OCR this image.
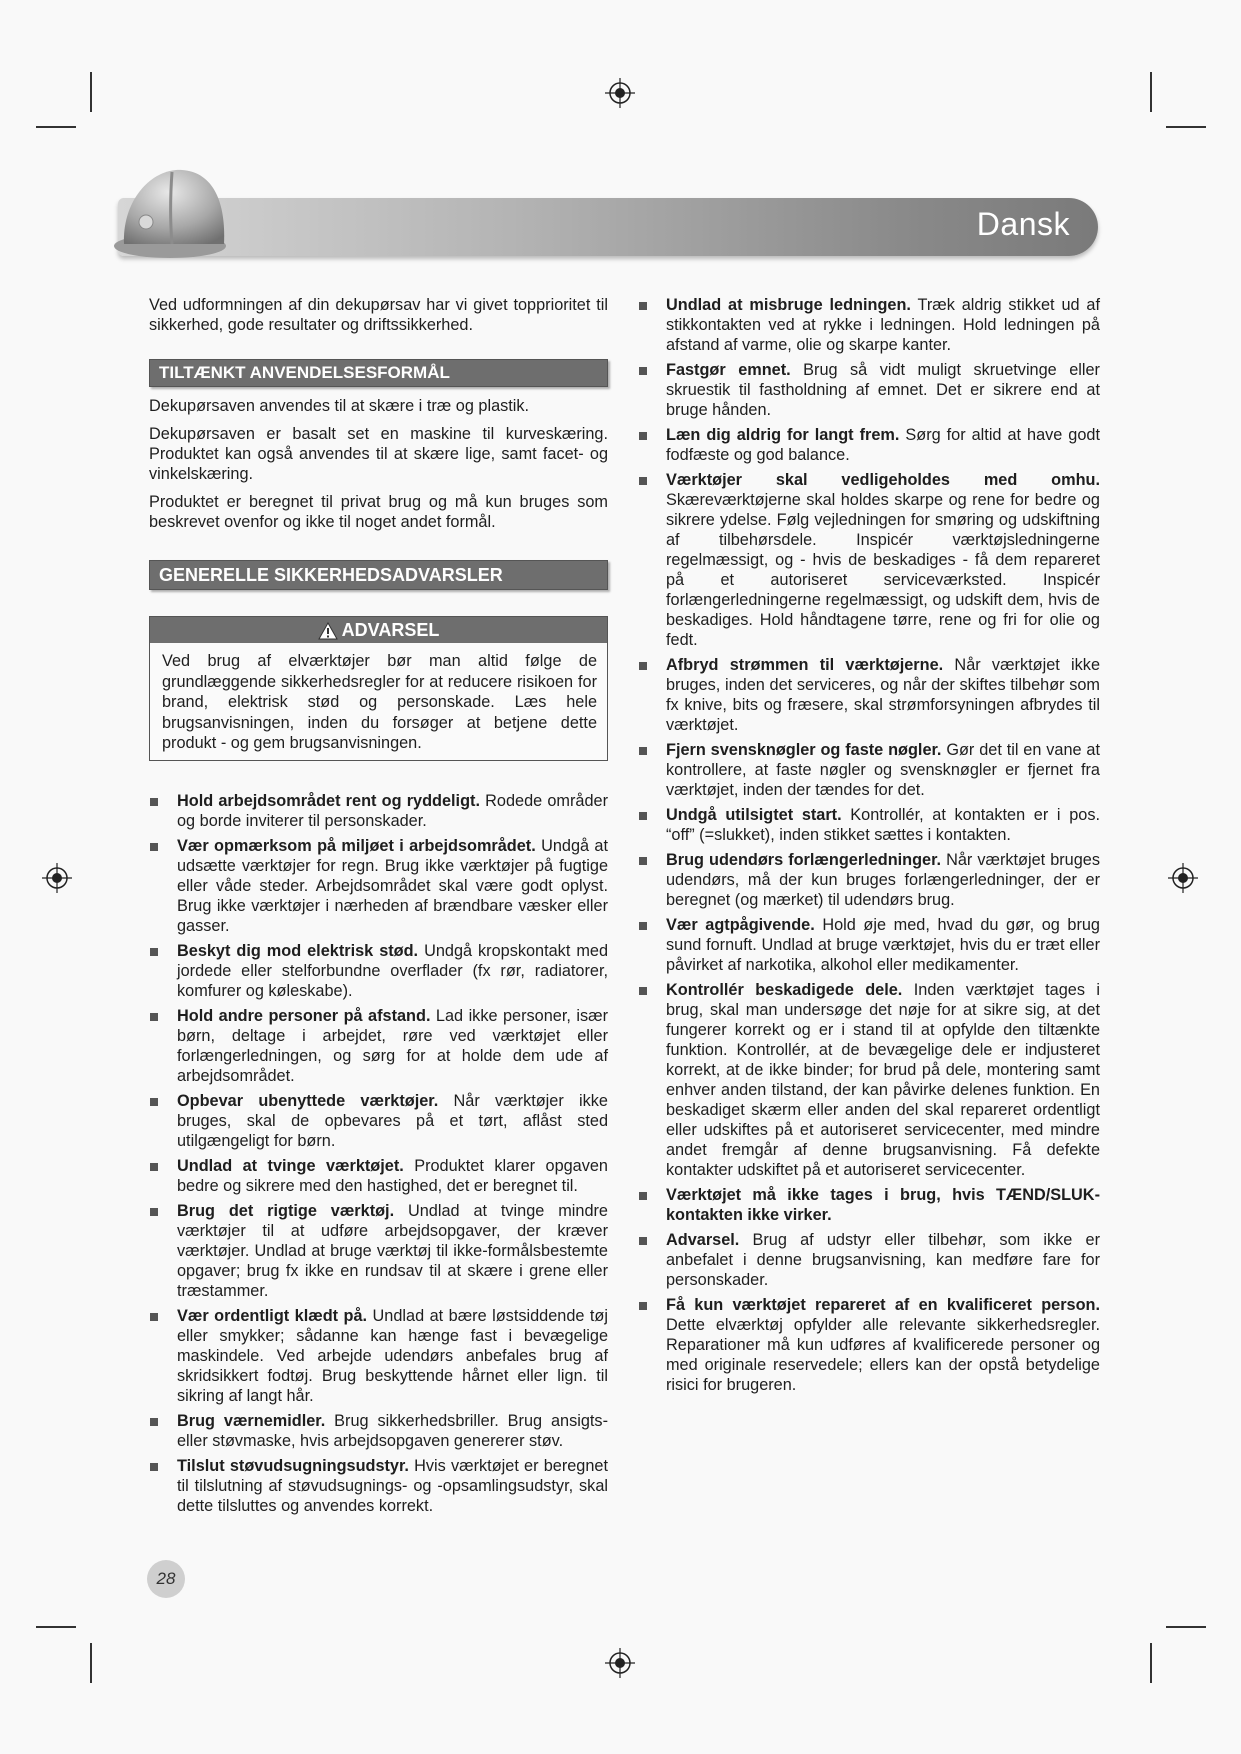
Dansk

Ved udformningen af din dekupørsav har vi givet topprioritet til sikkerhed, gode resultater og driftssikkerhed.

TILTÆNKT ANVENDELSESFORMÅL

Dekupørsaven anvendes til at skære i træ og plastik.

Dekupørsaven er basalt set en maskine til kurveskæring. Produktet kan også anvendes til at skære lige, samt facet- og vinkelskæring.

Produktet er beregnet til privat brug og må kun bruges som beskrevet ovenfor og ikke til noget andet formål.

GENERELLE SIKKERHEDSADVARSLER
ADVARSEL
Ved brug af elværktøjer bør man altid følge de grundlæggende sikkerhedsregler for at reducere risikoen for brand, elektrisk stød og personskade. Læs hele brugsanvisningen, inden du forsøger at betjene dette produkt - og gem brugsanvisningen.
Hold arbejdsområdet rent og ryddeligt. Rodede områder og borde inviterer til personskader.
Vær opmærksom på miljøet i arbejdsområdet. Undgå at udsætte værktøjer for regn. Brug ikke værktøjer på fugtige eller våde steder. Arbejdsområdet skal være godt oplyst. Brug ikke værktøjer i nærheden af brændbare væsker eller gasser.
Beskyt dig mod elektrisk stød. Undgå kropskontakt med jordede eller stelforbundne overflader (fx rør, radiatorer, komfurer og køleskabe).
Hold andre personer på afstand. Lad ikke personer, især børn, deltage i arbejdet, røre ved værktøjet eller forlængerledningen, og sørg for at holde dem ude af arbejdsområdet.
Opbevar ubenyttede værktøjer. Når værktøjer ikke bruges, skal de opbevares på et tørt, aflåst sted utilgængeligt for børn.
Undlad at tvinge værktøjet. Produktet klarer opgaven bedre og sikrere med den hastighed, det er beregnet til.
Brug det rigtige værktøj. Undlad at tvinge mindre værktøjer til at udføre arbejdsopgaver, der kræver værktøjer. Undlad at bruge værktøj til ikke-formålsbestemte opgaver; brug fx ikke en rundsav til at skære i grene eller træstammer.
Vær ordentligt klædt på. Undlad at bære løstsiddende tøj eller smykker; sådanne kan hænge fast i bevægelige maskindele. Ved arbejde udendørs anbefales brug af skridsikkert fodtøj. Brug beskyttende hårnet eller lign. til sikring af langt hår.
Brug værnemidler. Brug sikkerhedsbriller. Brug ansigts- eller støvmaske, hvis arbejdsopgaven genererer støv.
Tilslut støvudsugningsudstyr. Hvis værktøjet er beregnet til tilslutning af støvudsugnings- og -opsamlingsudstyr, skal dette tilsluttes og anvendes korrekt.
Undlad at misbruge ledningen. Træk aldrig stikket ud af stikkontakten ved at rykke i ledningen. Hold ledningen på afstand af varme, olie og skarpe kanter.
Fastgør emnet. Brug så vidt muligt skruetvinge eller skruestik til fastholdning af emnet. Det er sikrere end at bruge hånden.
Læn dig aldrig for langt frem. Sørg for altid at have godt fodfæste og god balance.
Værktøjer skal vedligeholdes med omhu. Skæreværktøjerne skal holdes skarpe og rene for bedre og sikrere ydelse. Følg vejledningen for smøring og udskiftning af tilbehørsdele. Inspicér værktøjsledningerne regelmæssigt, og - hvis de beskadiges - få dem repareret på et autoriseret serviceværksted. Inspicér forlængerledningerne regelmæssigt, og udskift dem, hvis de beskadiges. Hold håndtagene tørre, rene og fri for olie og fedt.
Afbryd strømmen til værktøjerne. Når værktøjet ikke bruges, inden det serviceres, og når der skiftes tilbehør som fx knive, bits og fræsere, skal strømforsyningen afbrydes til værktøjet.
Fjern svensknøgler og faste nøgler. Gør det til en vane at kontrollere, at faste nøgler og svensknøgler er fjernet fra værktøjet, inden der tændes for det.
Undgå utilsigtet start. Kontrollér, at kontakten er i pos. “off” (=slukket), inden stikket sættes i kontakten.
Brug udendørs forlængerledninger. Når værktøjet bruges udendørs, må der kun bruges forlængerledninger, der er beregnet (og mærket) til udendørs brug.
Vær agtpågivende. Hold øje med, hvad du gør, og brug sund fornuft. Undlad at bruge værktøjet, hvis du er træt eller påvirket af narkotika, alkohol eller medikamenter.
Kontrollér beskadigede dele. Inden værktøjet tages i brug, skal man undersøge det nøje for at sikre sig, at det fungerer korrekt og er i stand til at opfylde den tiltænkte funktion. Kontrollér, at de bevægelige dele er indjusteret korrekt, at de ikke binder; for brud på dele, montering samt enhver anden tilstand, der kan påvirke delenes funktion. En beskadiget skærm eller anden del skal repareret ordentligt eller udskiftes på et autoriseret servicecenter, med mindre andet fremgår af denne brugsanvisning. Få defekte kontakter udskiftet på et autoriseret servicecenter.
Værktøjet må ikke tages i brug, hvis TÆND/SLUK-kontakten ikke virker.
Advarsel. Brug af udstyr eller tilbehør, som ikke er anbefalet i denne brugsanvisning, kan medføre fare for personskader.
Få kun værktøjet repareret af en kvalificeret person. Dette elværktøj opfylder alle relevante sikkerhedsregler. Reparationer må kun udføres af kvalificerede personer og med originale reservedele; ellers kan der opstå betydelige risici for brugeren.
28
